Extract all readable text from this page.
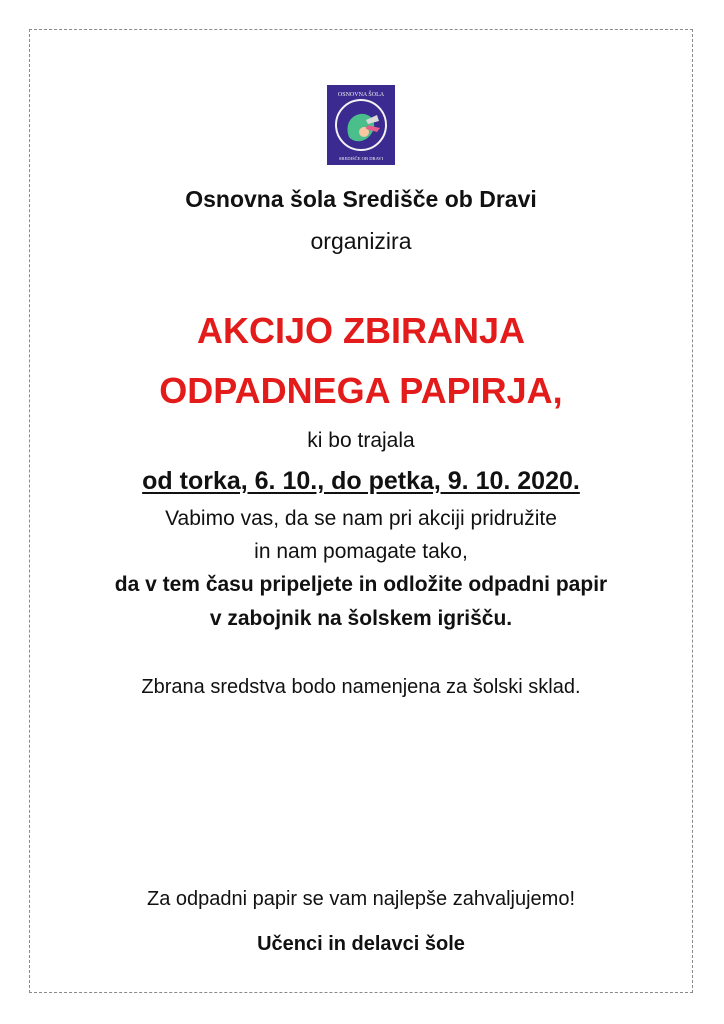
OSNOVNA ŠOLA
SREDIŠČE OB DRAVI

Osnovna šola Središče ob Dravi

organizira

AKCIJO ZBIRANJA

ODPADNEGA PAPIRJA,

ki bo trajala

od torka, 6. 10., do petka, 9. 10. 2020.

Vabimo vas, da se nam pri akciji pridružite

in nam pomagate tako,

da v tem času pripeljete in odložite odpadni papir

v zabojnik na šolskem igrišču.

Zbrana sredstva bodo namenjena za šolski sklad.

Za odpadni papir se vam najlepše zahvaljujemo!

Učenci in delavci šole
